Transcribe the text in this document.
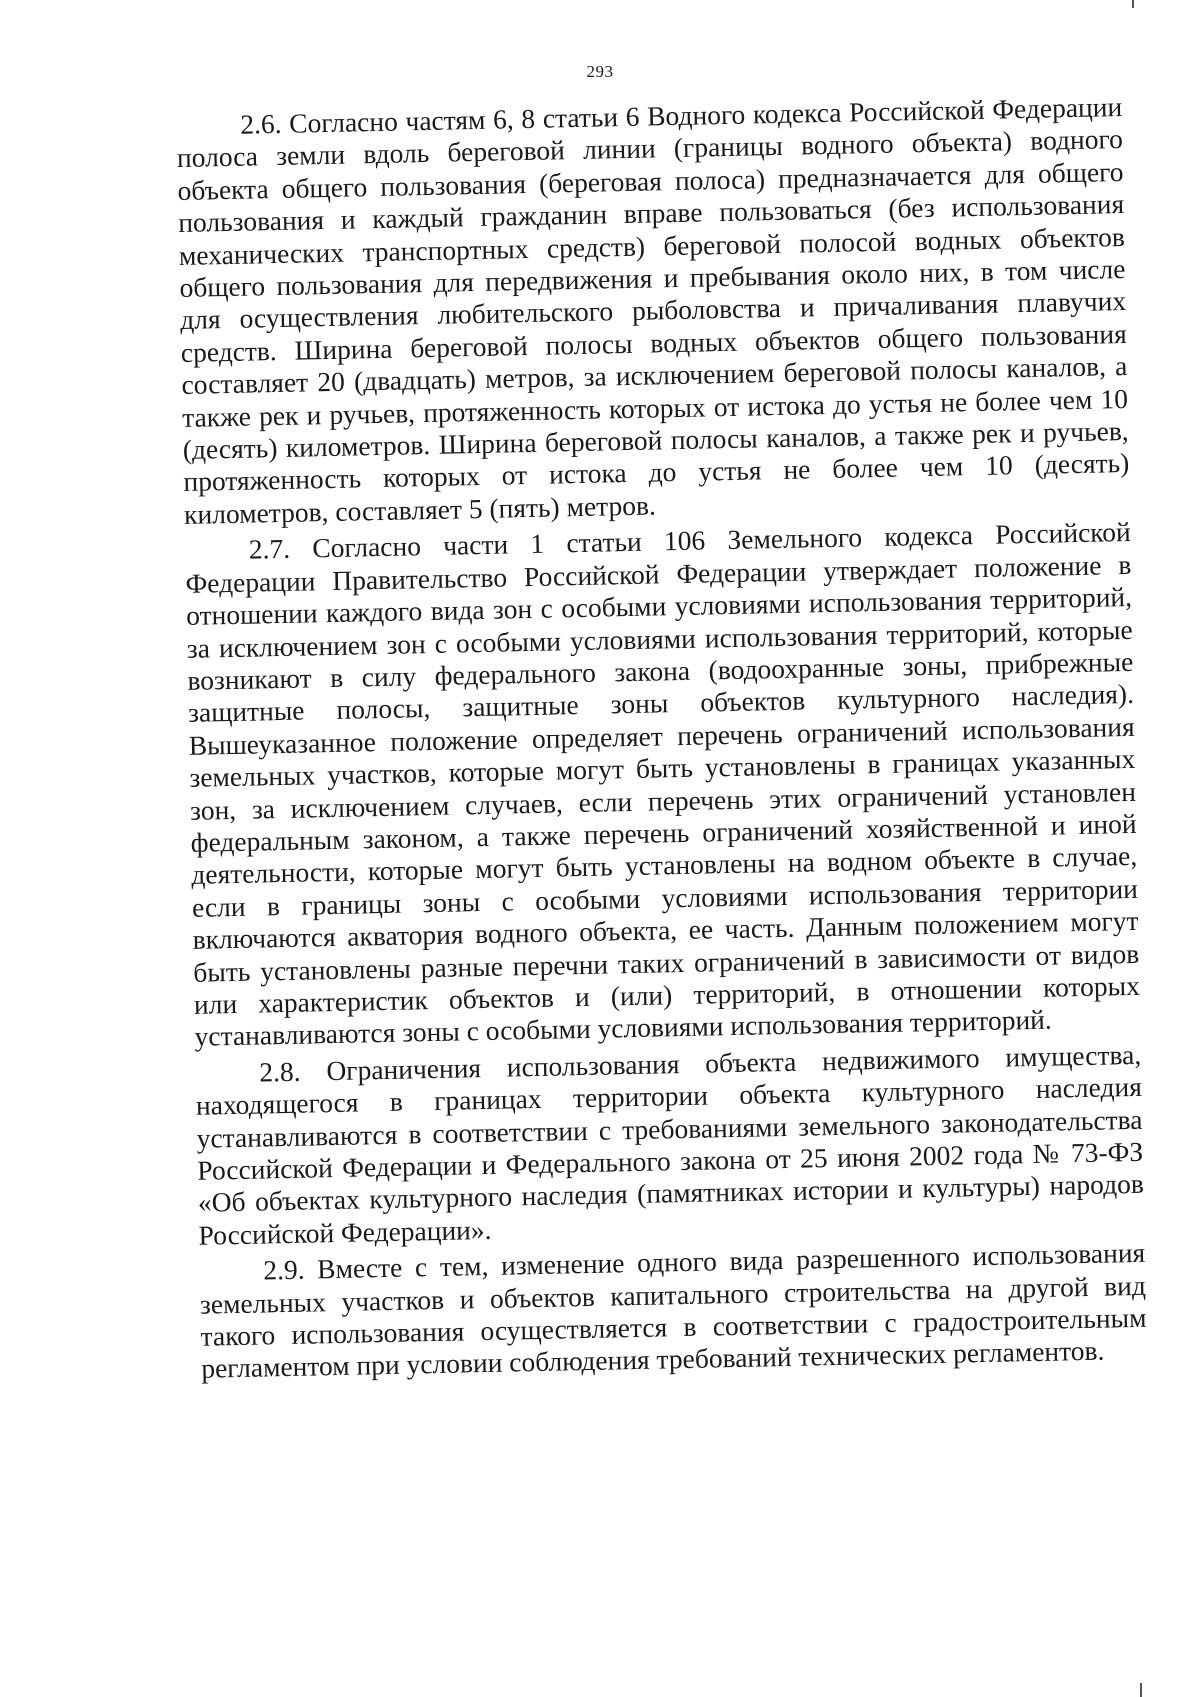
293

2.6. Согласно частям 6, 8 статьи 6 Водного кодекса Российской Федерации полоса земли вдоль береговой линии (границы водного объекта) водного объекта общего пользования (береговая полоса) предназначается для общего пользования и каждый гражданин вправе пользоваться (без использования механических транспортных средств) береговой полосой водных объектов общего пользования для передвижения и пребывания около них, в том числе для осуществления любительского рыболовства и причаливания плавучих средств. Ширина береговой полосы водных объектов общего пользования составляет 20 (двадцать) метров, за исключением береговой полосы каналов, а также рек и ручьев, протяженность которых от истока до устья не более чем 10 (десять) километров. Ширина береговой полосы каналов, а также рек и ручьев, протяженность которых от истока до устья не более чем 10 (десять) километров, составляет 5 (пять) метров.

2.7. Согласно части 1 статьи 106 Земельного кодекса Российской Федерации Правительство Российской Федерации утверждает положение в отношении каждого вида зон с особыми условиями использования территорий, за исключением зон с особыми условиями использования территорий, которые возникают в силу федерального закона (водоохранные зоны, прибрежные защитные полосы, защитные зоны объектов культурного наследия). Вышеуказанное положение определяет перечень ограничений использования земельных участков, которые могут быть установлены в границах указанных зон, за исключением случаев, если перечень этих ограничений установлен федеральным законом, а также перечень ограничений хозяйственной и иной деятельности, которые могут быть установлены на водном объекте в случае, если в границы зоны с особыми условиями использования территории включаются акватория водного объекта, ее часть. Данным положением могут быть установлены разные перечни таких ограничений в зависимости от видов или характеристик объектов и (или) территорий, в отношении которых устанавливаются зоны с особыми условиями использования территорий.

2.8. Ограничения использования объекта недвижимого имущества, находящегося в границах территории объекта культурного наследия устанавливаются в соответствии с требованиями земельного законодательства Российской Федерации и Федерального закона от 25 июня 2002 года № 73-ФЗ «Об объектах культурного наследия (памятниках истории и культуры) народов Российской Федерации».

2.9. Вместе с тем, изменение одного вида разрешенного использования земельных участков и объектов капитального строительства на другой вид такого использования осуществляется в соответствии с градостроительным регламентом при условии соблюдения требований технических регламентов.
